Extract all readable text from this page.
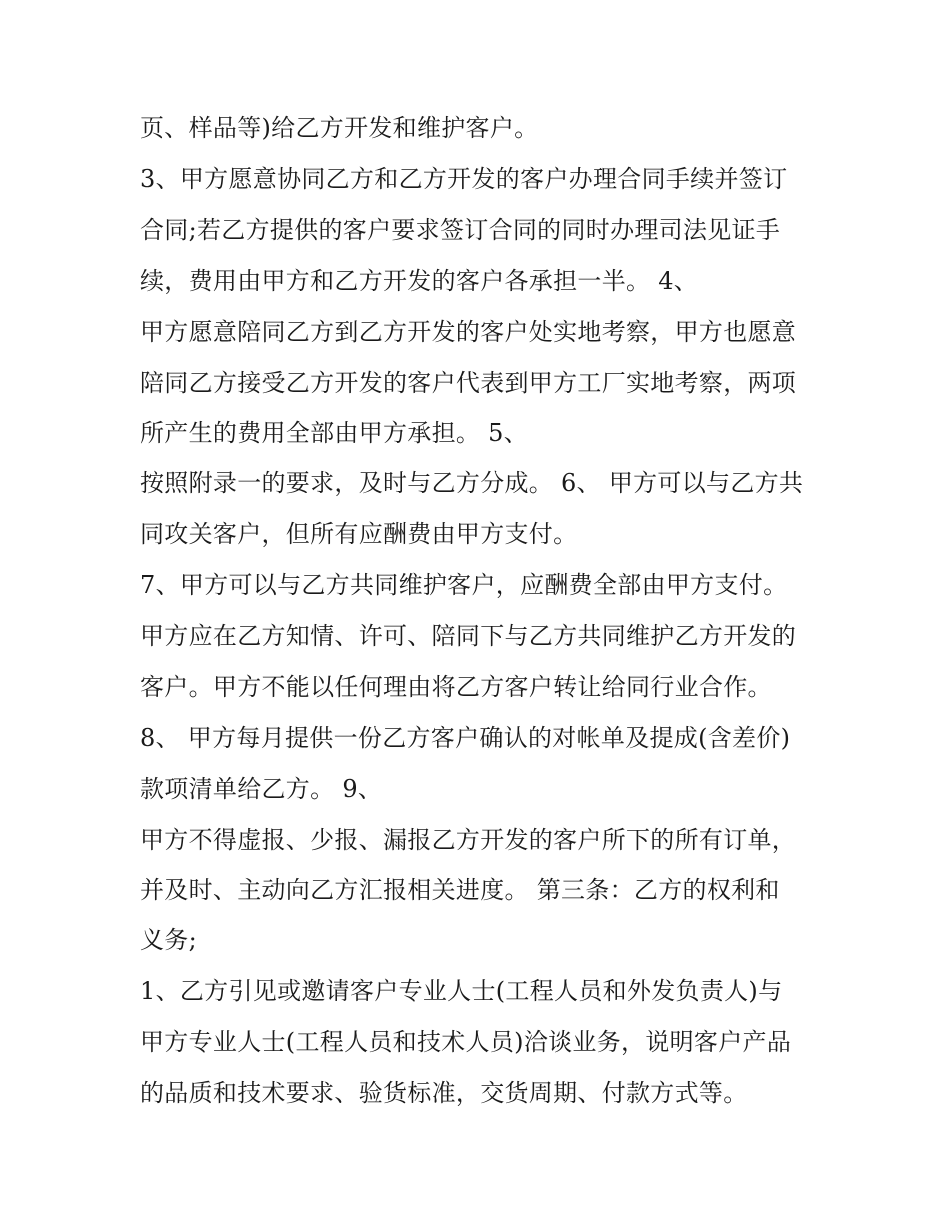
页、样品等)给乙方开发和维护客户。
3、甲方愿意协同乙方和乙方开发的客户办理合同手续并签订
合同;若乙方提供的客户要求签订合同的同时办理司法见证手
续，费用由甲方和乙方开发的客户各承担一半。 4、
甲方愿意陪同乙方到乙方开发的客户处实地考察，甲方也愿意
陪同乙方接受乙方开发的客户代表到甲方工厂实地考察，两项
所产生的费用全部由甲方承担。 5、
按照附录一的要求，及时与乙方分成。 6、 甲方可以与乙方共
同攻关客户，但所有应酬费由甲方支付。
7、甲方可以与乙方共同维护客户，应酬费全部由甲方支付。
甲方应在乙方知情、许可、陪同下与乙方共同维护乙方开发的
客户。甲方不能以任何理由将乙方客户转让给同行业合作。
8、 甲方每月提供一份乙方客户确认的对帐单及提成(含差价)
款项清单给乙方。 9、
甲方不得虚报、少报、漏报乙方开发的客户所下的所有订单，
并及时、主动向乙方汇报相关进度。 第三条：乙方的权利和
义务;
1、乙方引见或邀请客户专业人士(工程人员和外发负责人)与
甲方专业人士(工程人员和技术人员)洽谈业务，说明客户产品
的品质和技术要求、验货标准，交货周期、付款方式等。
